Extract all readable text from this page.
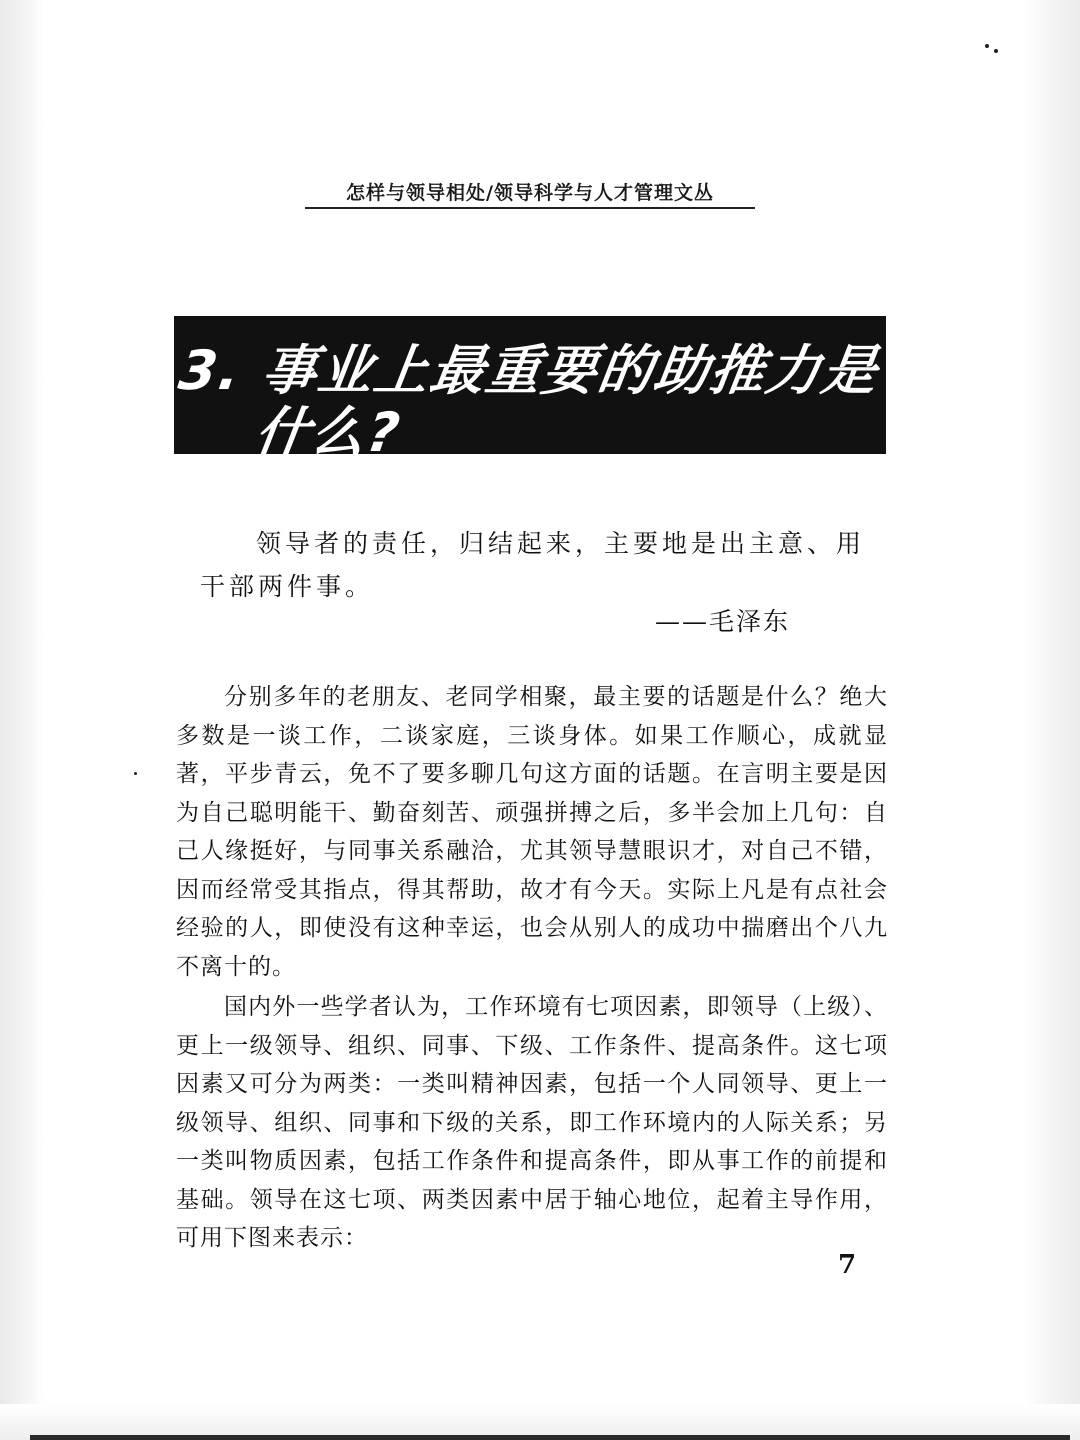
怎样与领导相处/领导科学与人才管理文丛
3. 事业上最重要的助推力是
什么?
领导者的责任，归结起来，主要地是出主意、用干部两件事。
——毛泽东

分别多年的老朋友、老同学相聚，最主要的话题是什么？绝大多数是一谈工作，二谈家庭，三谈身体。如果工作顺心，成就显著，平步青云，免不了要多聊几句这方面的话题。在言明主要是因为自己聪明能干、勤奋刻苦、顽强拼搏之后，多半会加上几句：自己人缘挺好，与同事关系融洽，尤其领导慧眼识才，对自己不错，因而经常受其指点，得其帮助，故才有今天。实际上凡是有点社会经验的人，即使没有这种幸运，也会从别人的成功中揣磨出个八九不离十的。

国内外一些学者认为，工作环境有七项因素，即领导（上级）、更上一级领导、组织、同事、下级、工作条件、提高条件。这七项因素又可分为两类：一类叫精神因素，包括一个人同领导、更上一级领导、组织、同事和下级的关系，即工作环境内的人际关系；另一类叫物质因素，包括工作条件和提高条件，即从事工作的前提和基础。领导在这七项、两类因素中居于轴心地位，起着主导作用，可用下图来表示：

7
